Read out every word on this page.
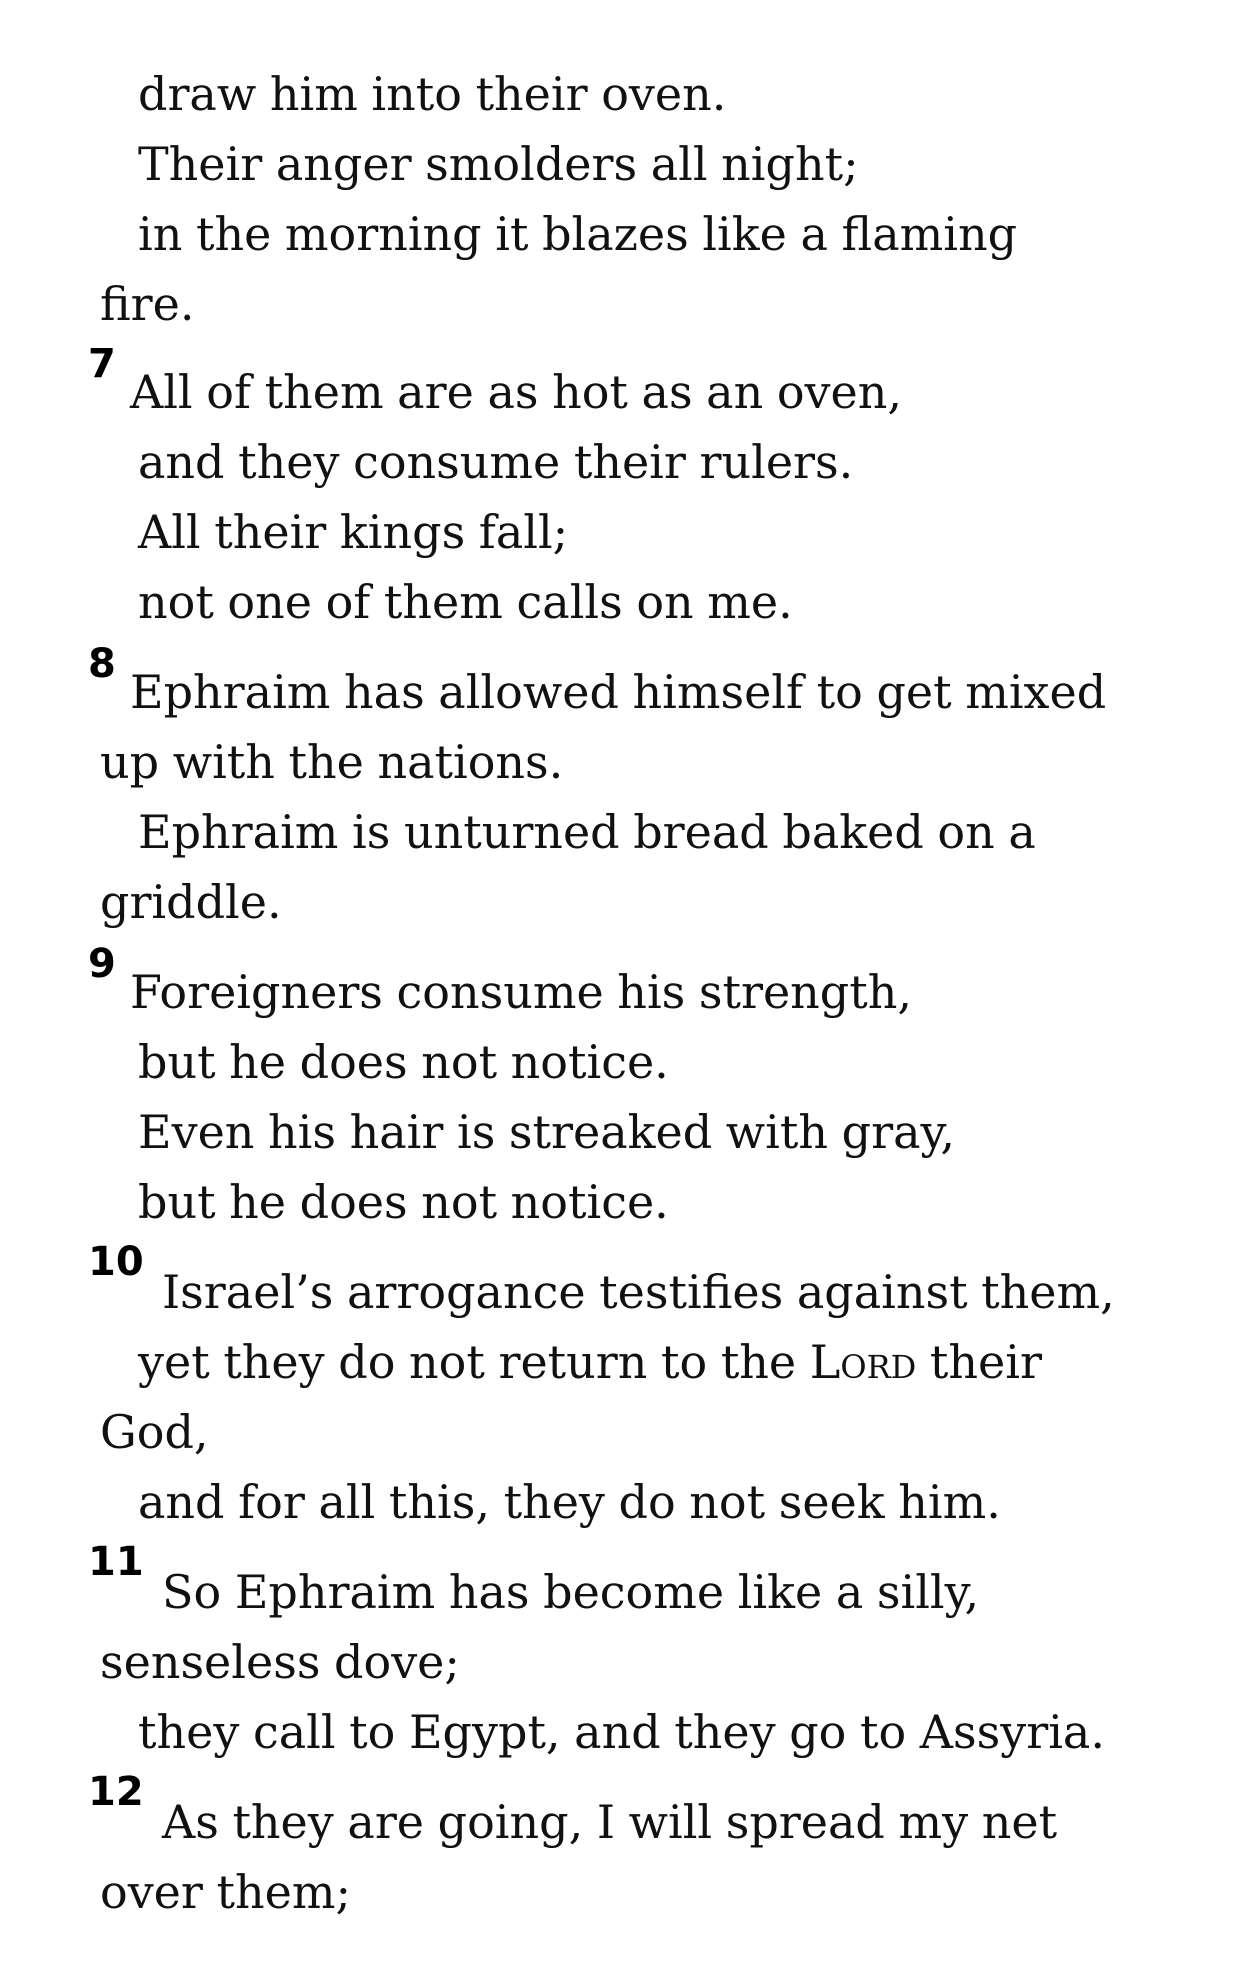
draw him into their oven.
Their anger smolders all night;
in the morning it blazes like a flaming
fire.
7
All of them are as hot as an oven,
and they consume their rulers.
All their kings fall;
not one of them calls on me.
8
Ephraim has allowed himself to get mixed
up with the nations.
Ephraim is unturned bread baked on a
griddle.
9
Foreigners consume his strength,
but he does not notice.
Even his hair is streaked with gray,
but he does not notice.
10
Israel’s arrogance testifies against them,
yet they do not return to the Lord their
God,
and for all this, they do not seek him.
11
So Ephraim has become like a silly,
senseless dove;
they call to Egypt, and they go to Assyria.
12
As they are going, I will spread my net
over them;
